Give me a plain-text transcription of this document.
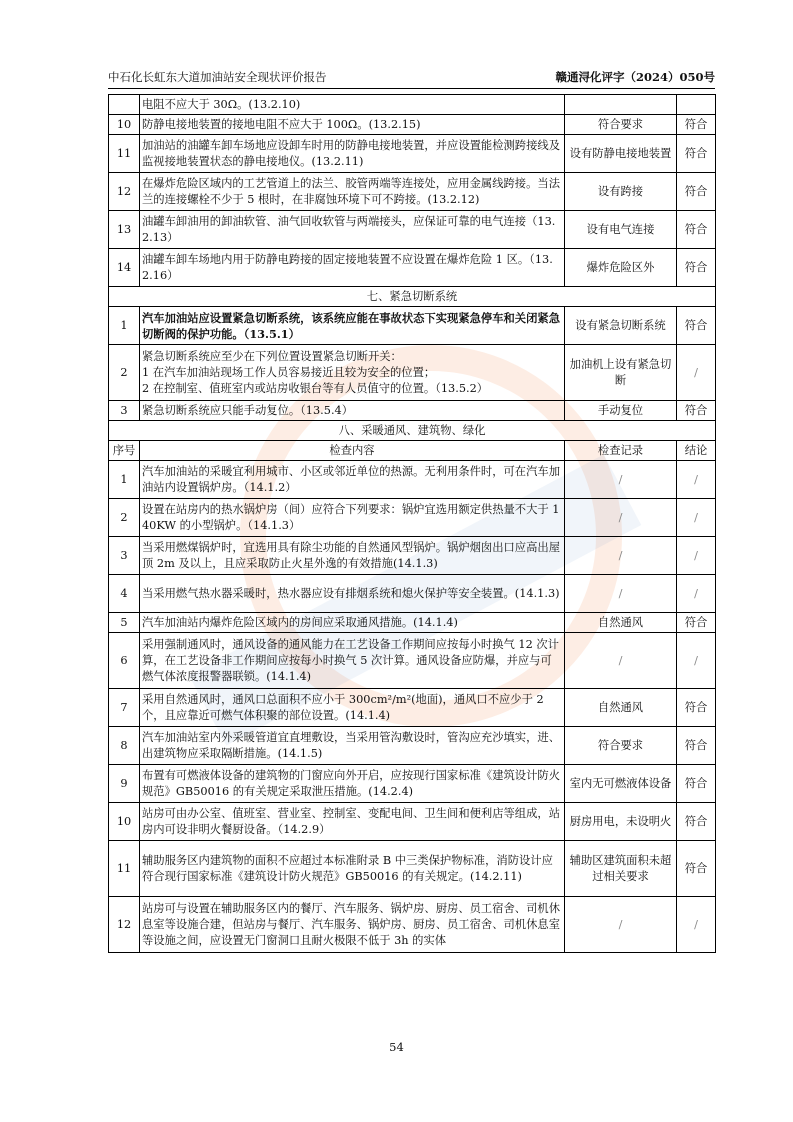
中石化长虹东大道加油站安全现状评价报告	赣通浔化评字（2024）050号
	电阻不应大于 30Ω。(13.2.10)		
10	防静电接地装置的接地电阻不应大于 100Ω。(13.2.15)	符合要求	符合
11	加油站的油罐车卸车场地应设卸车时用的防静电接地装置，并应设置能检测跨接线及监视接地装置状态的静电接地仪。(13.2.11)	设有防静电接地装置	符合
12	在爆炸危险区域内的工艺管道上的法兰、胶管两端等连接处，应用金属线跨接。当法兰的连接螺栓不少于 5 根时，在非腐蚀环境下可不跨接。(13.2.12)	设有跨接	符合
13	油罐车卸油用的卸油软管、油气回收软管与两端接头，应保证可靠的电气连接（13.2.13）	设有电气连接	符合
14	油罐车卸车场地内用于防静电跨接的固定接地装置不应设置在爆炸危险 1 区。（13.2.16）	爆炸危险区外	符合
七、紧急切断系统			
1	汽车加油站应设置紧急切断系统，该系统应能在事故状态下实现紧急停车和关闭紧急切断阀的保护功能。（13.5.1）	设有紧急切断系统	符合
2	紧急切断系统应至少在下列位置设置紧急切断开关：
1 在汽车加油站现场工作人员容易接近且较为安全的位置；
2 在控制室、值班室内或站房收银台等有人员值守的位置。（13.5.2）	加油机上设有紧急切断	/
3	紧急切断系统应只能手动复位。（13.5.4）	手动复位	符合
八、采暖通风、建筑物、绿化			
序号	检查内容	检查记录	结论
1	汽车加油站的采暖宜利用城市、小区或邻近单位的热源。无利用条件时，可在汽车加油站内设置锅炉房。（14.1.2）	/	/
2	设置在站房内的热水锅炉房（间）应符合下列要求：锅炉宜选用额定供热量不大于 140KW 的小型锅炉。（14.1.3）	/	/
3	当采用燃煤锅炉时，宜选用具有除尘功能的自然通风型锅炉。锅炉烟囱出口应高出屋顶 2m 及以上，且应采取防止火星外逸的有效措施(14.1.3)	/	/
4	当采用燃气热水器采暖时，热水器应设有排烟系统和熄火保护等安全装置。(14.1.3)	/	/
5	汽车加油站内爆炸危险区域内的房间应采取通风措施。(14.1.4)	自然通风	符合
6	采用强制通风时，通风设备的通风能力在工艺设备工作期间应按每小时换气 12 次计算，在工艺设备非工作期间应按每小时换气 5 次计算。通风设备应防爆，并应与可燃气体浓度报警器联锁。(14.1.4)	/	/
7	采用自然通风时，通风口总面积不应小于 300cm²/m²(地面)，通风口不应少于 2 个，且应靠近可燃气体积聚的部位设置。(14.1.4)	自然通风	符合
8	汽车加油站室内外采暖管道宜直埋敷设，当采用管沟敷设时，管沟应充沙填实，进、出建筑物应采取隔断措施。(14.1.5)	符合要求	符合
9	布置有可燃液体设备的建筑物的门窗应向外开启，应按现行国家标准《建筑设计防火规范》GB50016 的有关规定采取泄压措施。(14.2.4)	室内无可燃液体设备	符合
10	站房可由办公室、值班室、营业室、控制室、变配电间、卫生间和便利店等组成，站房内可设非明火餐厨设备。（14.2.9）	厨房用电，未设明火	符合
11	辅助服务区内建筑物的面积不应超过本标准附录 B 中三类保护物标准，消防设计应符合现行国家标准《建筑设计防火规范》GB50016 的有关规定。(14.2.11)	辅助区建筑面积未超过相关要求	符合
12	站房可与设置在辅助服务区内的餐厅、汽车服务、锅炉房、厨房、员工宿舍、司机休息室等设施合建，但站房与餐厅、汽车服务、锅炉房、厨房、员工宿舍、司机休息室等设施之间，应设置无门窗洞口且耐火极限不低于 3h 的实体	/	/
54
